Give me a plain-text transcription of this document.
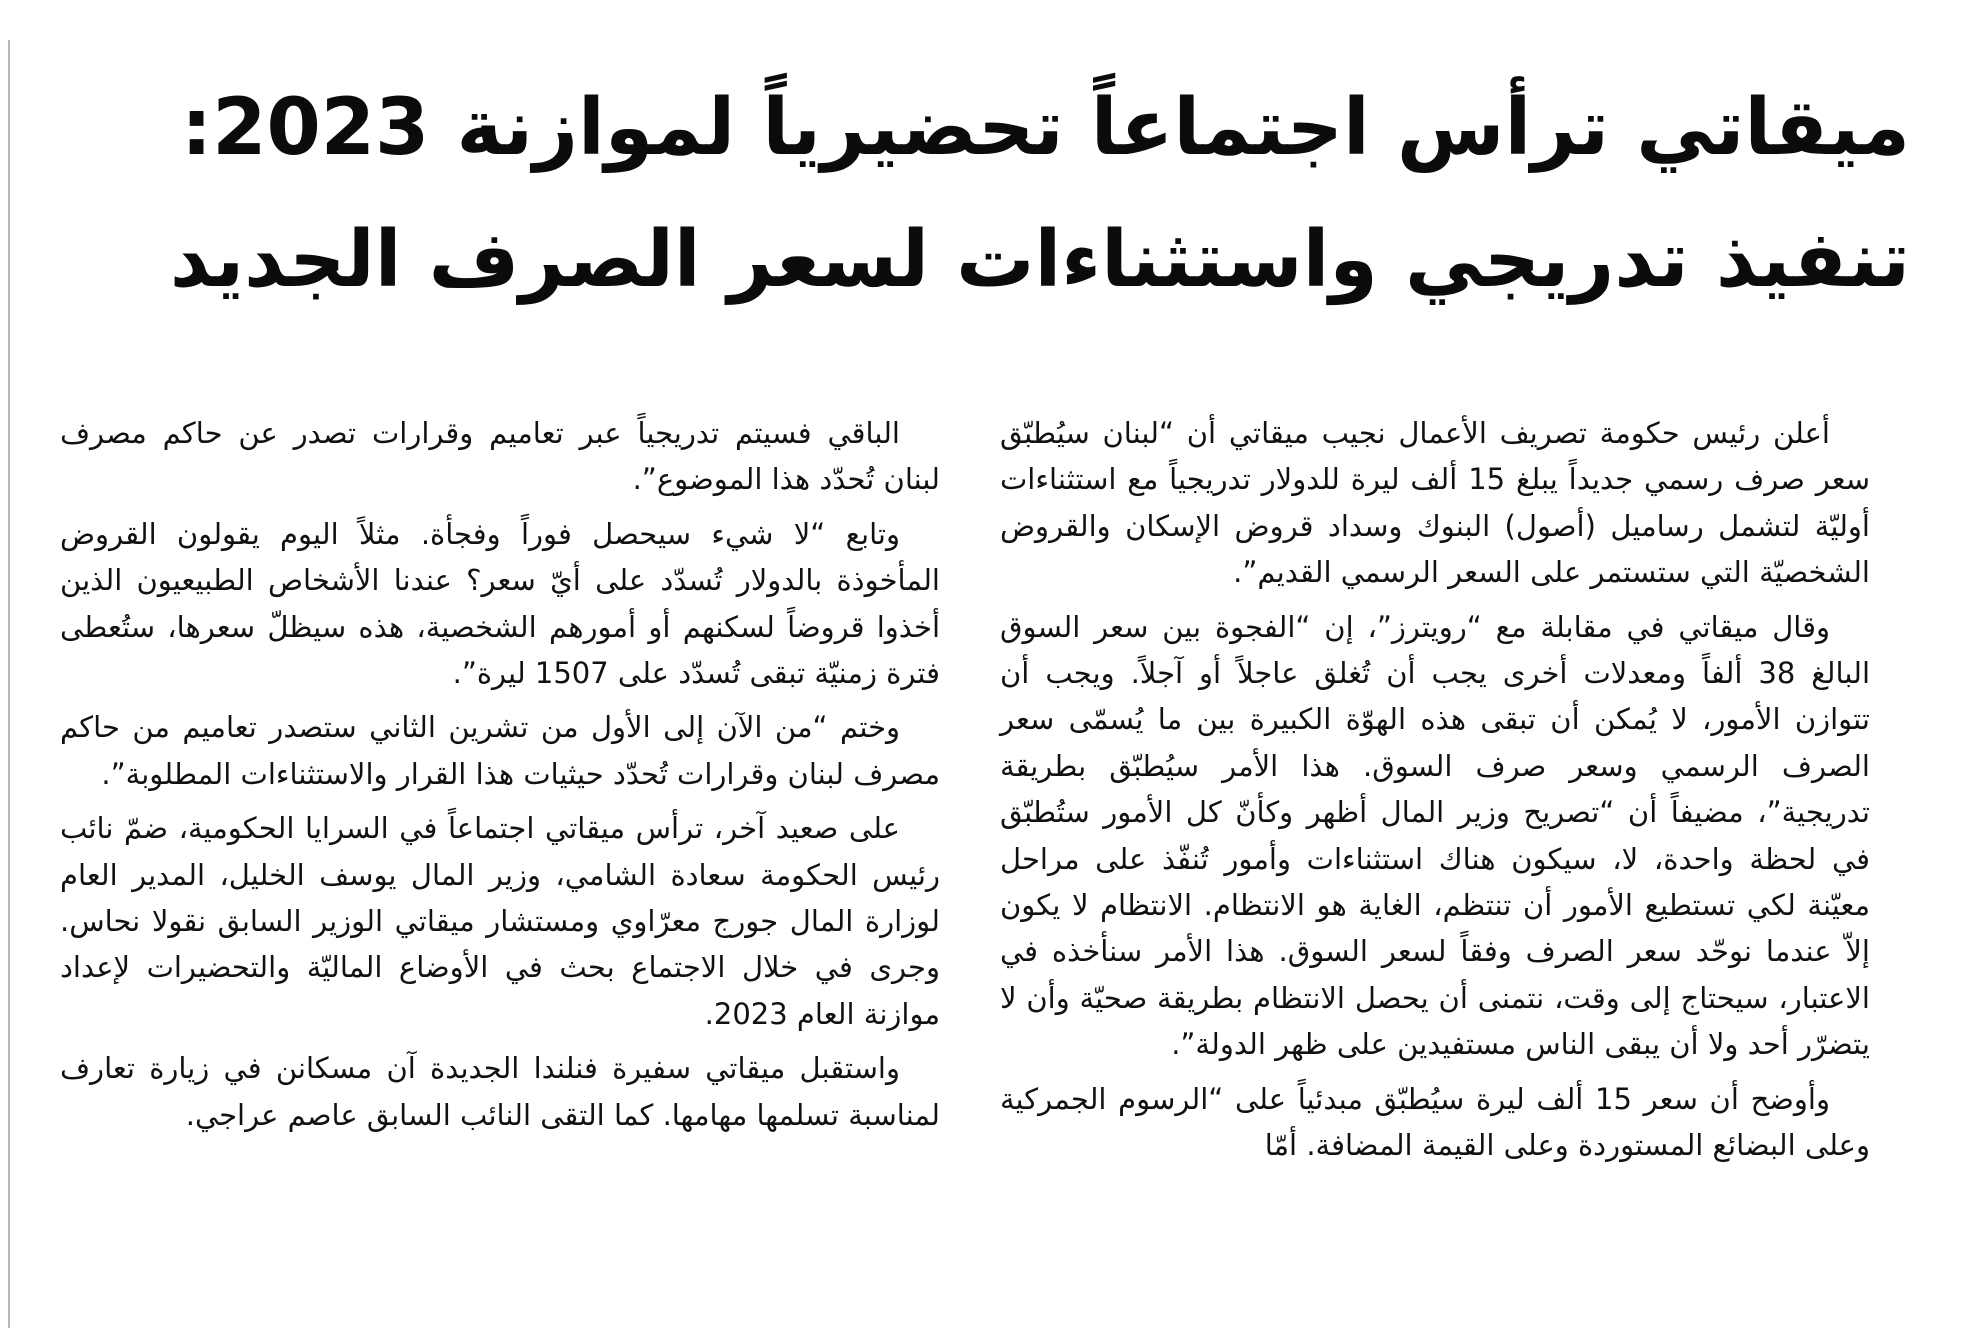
ميقاتي ترأس اجتماعاً تحضيرياً لموازنة 2023:
تنفيذ تدريجي واستثناءات لسعر الصرف الجديد

أعلن رئيس حكومة تصريف الأعمال نجيب ميقاتي أن “لبنان سيُطبّق سعر صرف رسمي جديداً يبلغ 15 ألف ليرة للدولار تدريجياً مع استثناءات أوليّة لتشمل رساميل (أصول) البنوك وسداد قروض الإسكان والقروض الشخصيّة التي ستستمر على السعر الرسمي القديم”.

وقال ميقاتي في مقابلة مع “رويترز”، إن “الفجوة بين سعر السوق البالغ 38 ألفاً ومعدلات أخرى يجب أن تُغلق عاجلاً أو آجلاً. ويجب أن تتوازن الأمور، لا يُمكن أن تبقى هذه الهوّة الكبيرة بين ما يُسمّى سعر الصرف الرسمي وسعر صرف السوق. هذا الأمر سيُطبّق بطريقة تدريجية”، مضيفاً أن “تصريح وزير المال أظهر وكأنّ كل الأمور ستُطبّق في لحظة واحدة، لا، سيكون هناك استثناءات وأمور تُنفّذ على مراحل معيّنة لكي تستطيع الأمور أن تنتظم، الغاية هو الانتظام. الانتظام لا يكون إلاّ عندما نوحّد سعر الصرف وفقاً لسعر السوق. هذا الأمر سنأخذه في الاعتبار، سيحتاج إلى وقت، نتمنى أن يحصل الانتظام بطريقة صحيّة وأن لا يتضرّر أحد ولا أن يبقى الناس مستفيدين على ظهر الدولة”.

وأوضح أن سعر 15 ألف ليرة سيُطبّق مبدئياً على “الرسوم الجمركية وعلى البضائع المستوردة وعلى القيمة المضافة. أمّا

الباقي فسيتم تدريجياً عبر تعاميم وقرارات تصدر عن حاكم مصرف لبنان تُحدّد هذا الموضوع”.

وتابع “لا شيء سيحصل فوراً وفجأة. مثلاً اليوم يقولون القروض المأخوذة بالدولار تُسدّد على أيّ سعر؟ عندنا الأشخاص الطبيعيون الذين أخذوا قروضاً لسكنهم أو أمورهم الشخصية، هذه سيظلّ سعرها، ستُعطى فترة زمنيّة تبقى تُسدّد على 1507 ليرة”.

وختم “من الآن إلى الأول من تشرين الثاني ستصدر تعاميم من حاكم مصرف لبنان وقرارات تُحدّد حيثيات هذا القرار والاستثناءات المطلوبة”.

على صعيد آخر، ترأس ميقاتي اجتماعاً في السرايا الحكومية، ضمّ نائب رئيس الحكومة سعادة الشامي، وزير المال يوسف الخليل، المدير العام لوزارة المال جورج معرّاوي ومستشار ميقاتي الوزير السابق نقولا نحاس. وجرى في خلال الاجتماع بحث في الأوضاع الماليّة والتحضيرات لإعداد موازنة العام 2023.

واستقبل ميقاتي سفيرة فنلندا الجديدة آن مسكانن في زيارة تعارف لمناسبة تسلمها مهامها. كما التقى النائب السابق عاصم عراجي.
